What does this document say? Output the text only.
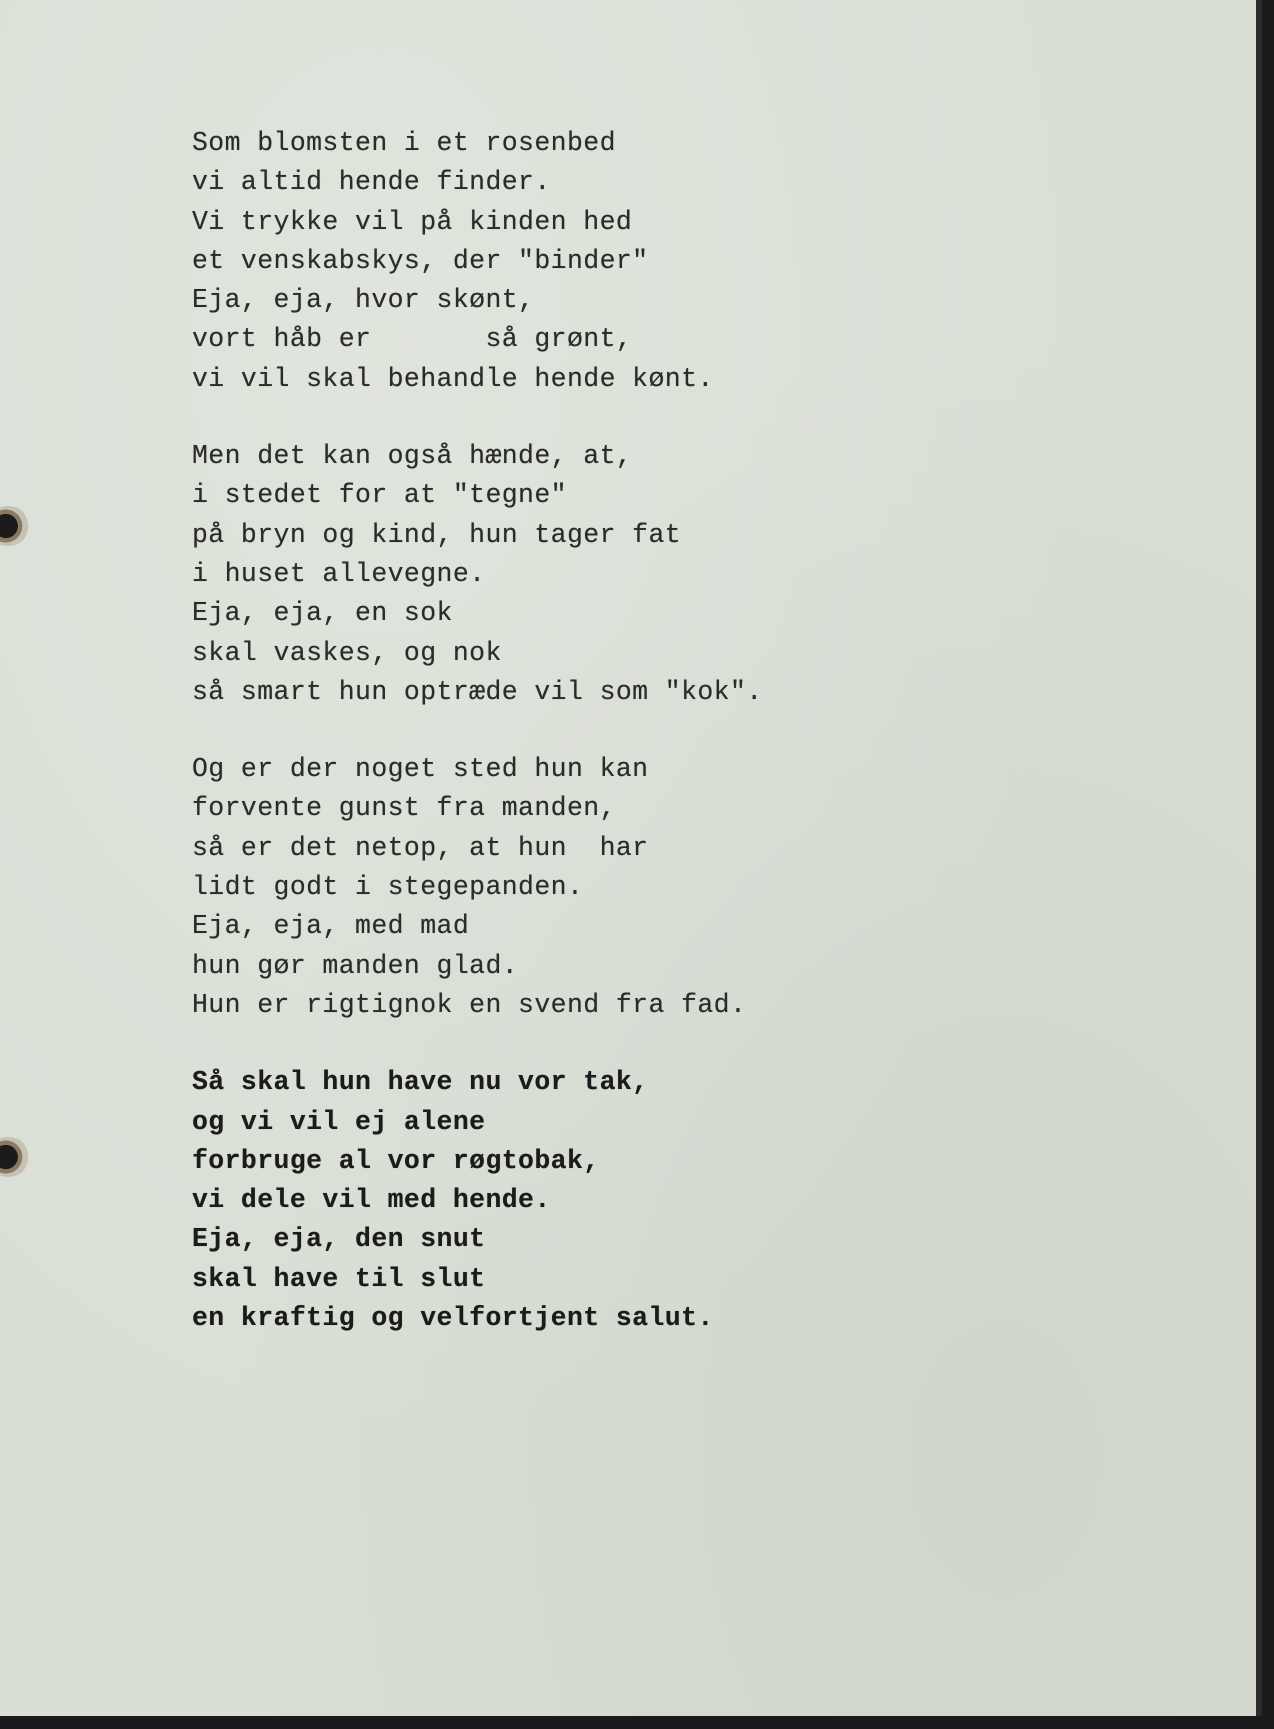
Som blomsten i et rosenbed
vi altid hende finder.
Vi trykke vil på kinden hed
et venskabskys, der "binder"
Eja, eja, hvor skønt,
vort håb er       så grønt,
vi vil skal behandle hende kønt.
Men det kan også hænde, at,
i stedet for at "tegne"
på bryn og kind, hun tager fat
i huset allevegne.
Eja, eja, en sok
skal vaskes, og nok
så smart hun optræde vil som "kok".
Og er der noget sted hun kan
forvente gunst fra manden,
så er det netop, at hun  har
lidt godt i stegepanden.
Eja, eja, med mad
hun gør manden glad.
Hun er rigtignok en svend fra fad.
Så skal hun have nu vor tak,
og vi vil ej alene
forbruge al vor røgtobak,
vi dele vil med hende.
Eja, eja, den snut
skal have til slut
en kraftig og velfortjent salut.
